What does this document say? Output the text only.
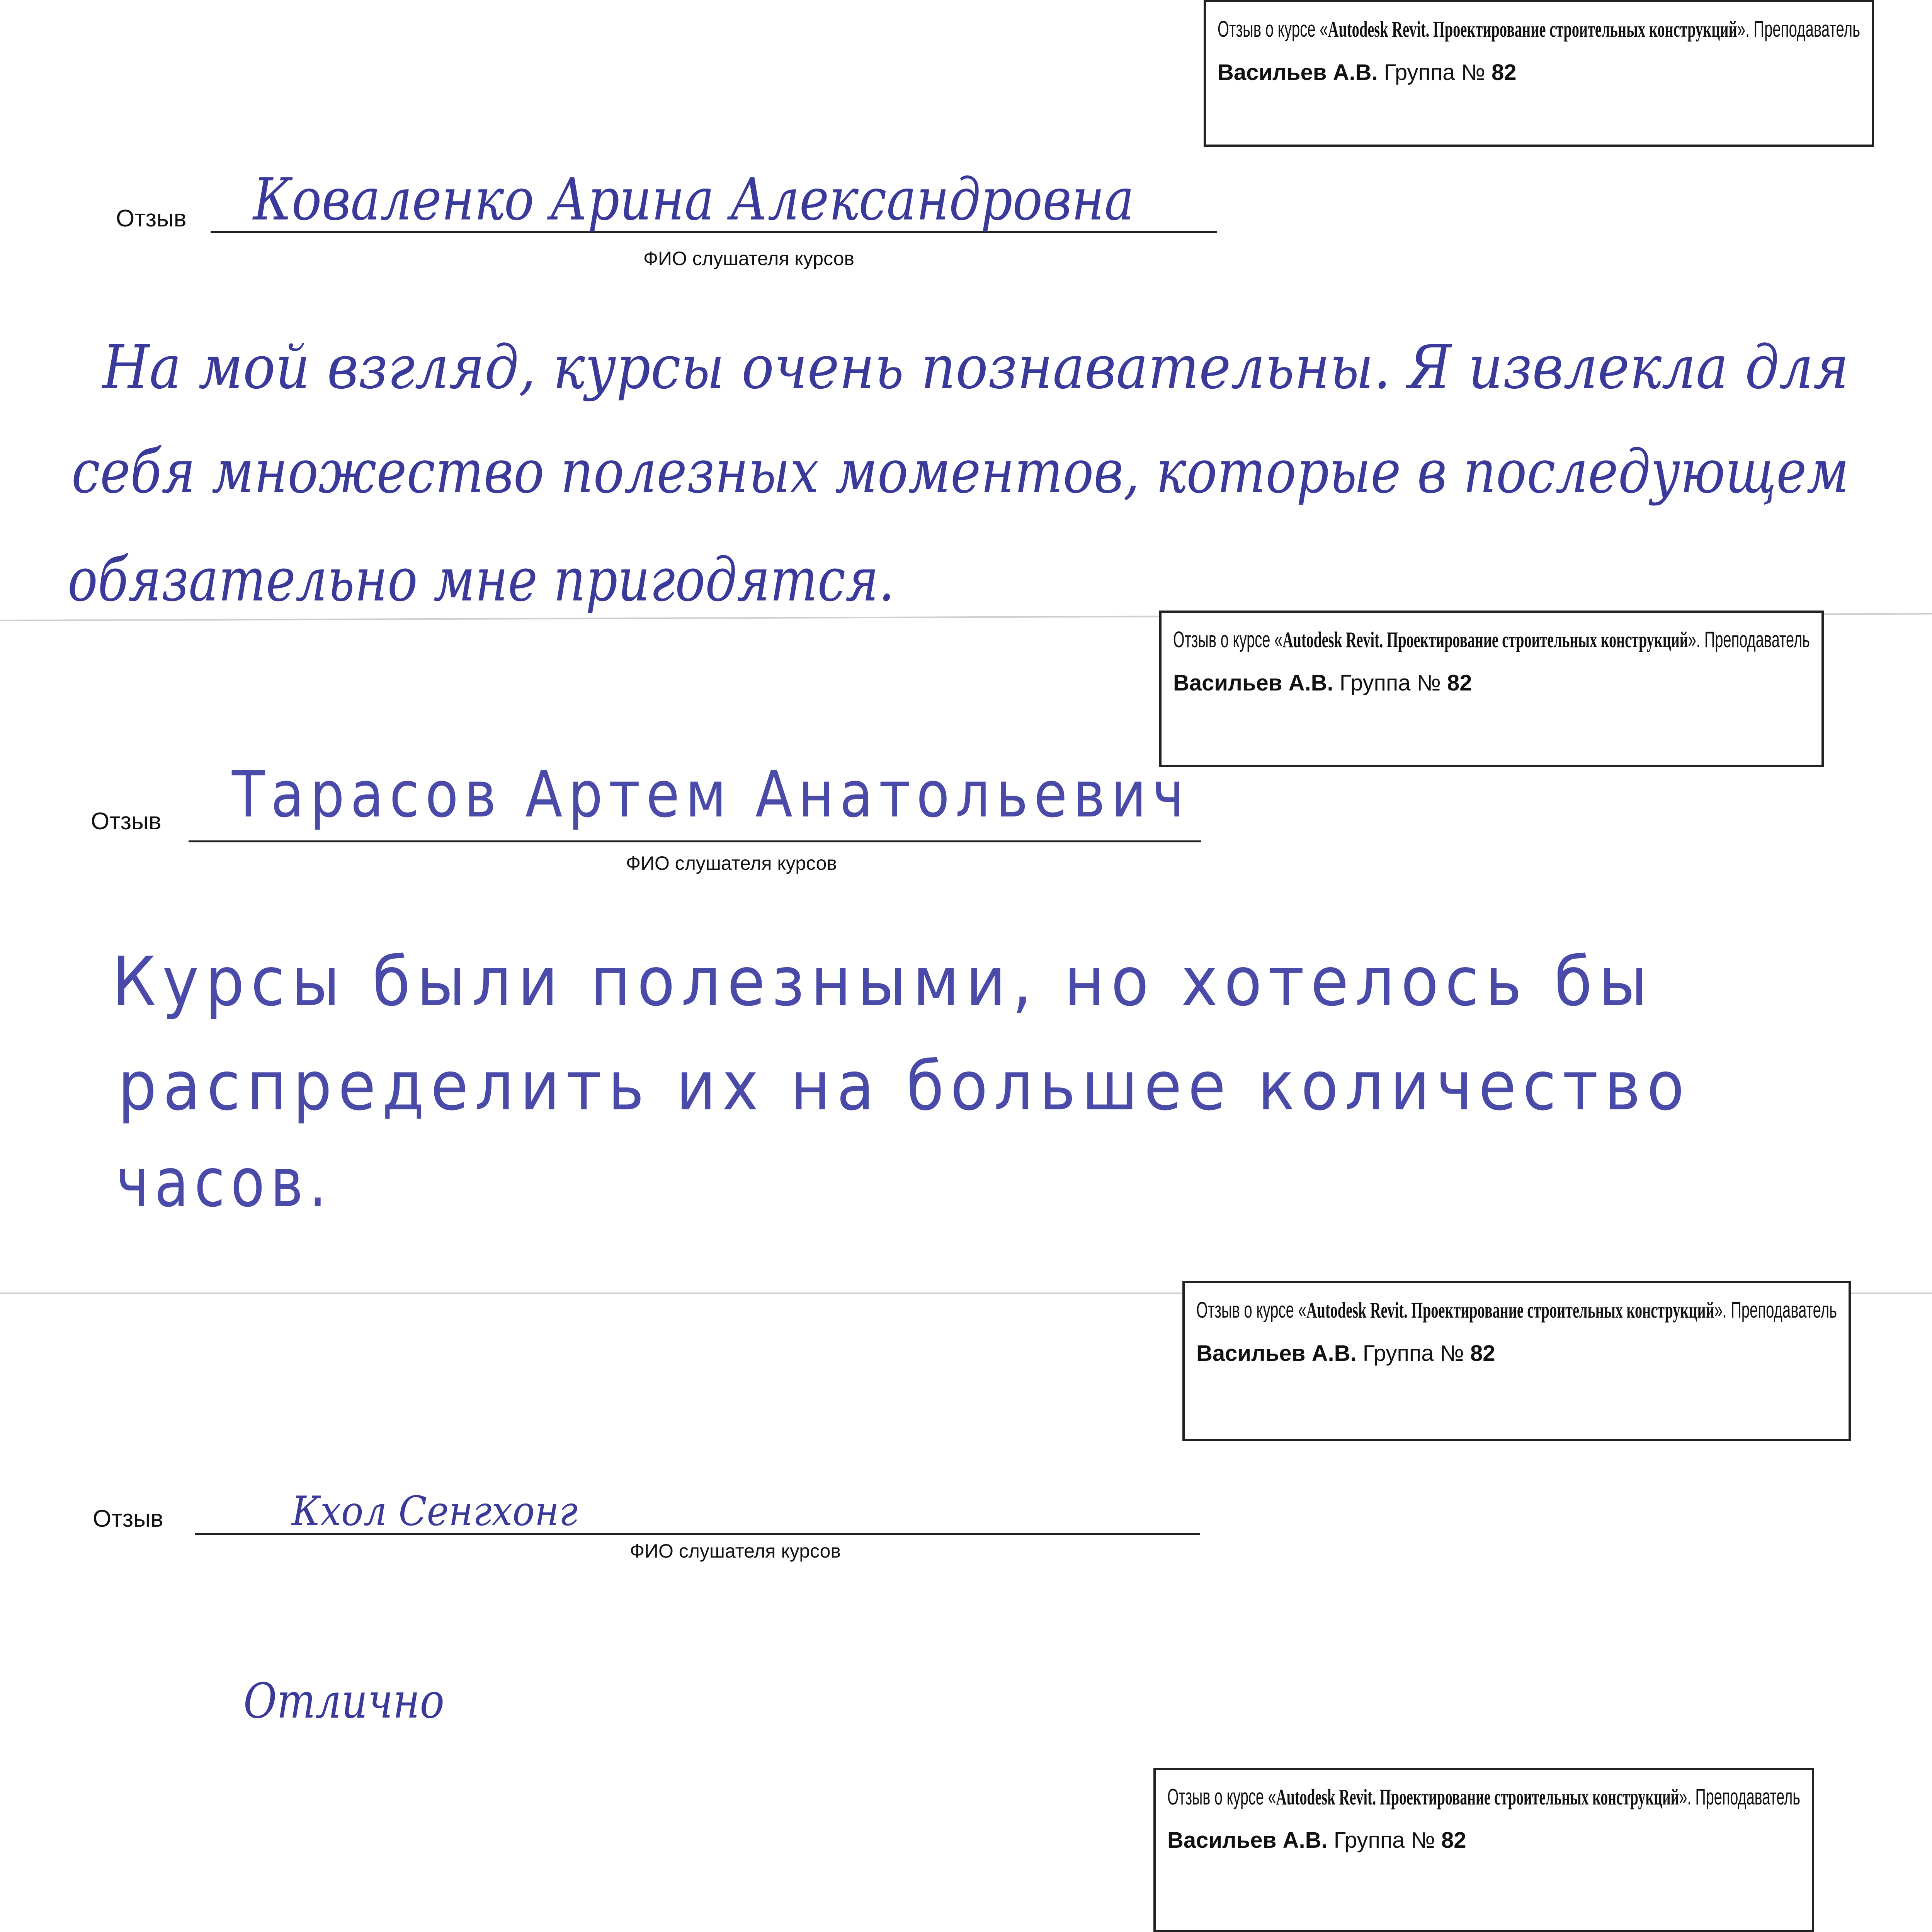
Отзыв о курсе «Autodesk Revit. Проектирование строительных конструкций». Преподаватель
Васильев А.В. Группа № 82
Отзыв
ФИО слушателя курсов
Коваленко Арина Александровна
На мой взгляд, курсы очень познавательны. Я извлекла для
себя множество полезных моментов, которые в последующем
обязательно мне пригодятся.
Отзыв о курсе «Autodesk Revit. Проектирование строительных конструкций». Преподаватель
Васильев А.В. Группа № 82
Отзыв
ФИО слушателя курсов
Тарасов Артем Анатольевич
Курсы были полезными, но хотелось бы
распределить их на большее количество
часов.
Отзыв о курсе «Autodesk Revit. Проектирование строительных конструкций». Преподаватель
Васильев А.В. Группа № 82
Отзыв
ФИО слушателя курсов
Кхол Сенгхонг
Отлично
Отзыв о курсе «Autodesk Revit. Проектирование строительных конструкций». Преподаватель
Васильев А.В. Группа № 82
